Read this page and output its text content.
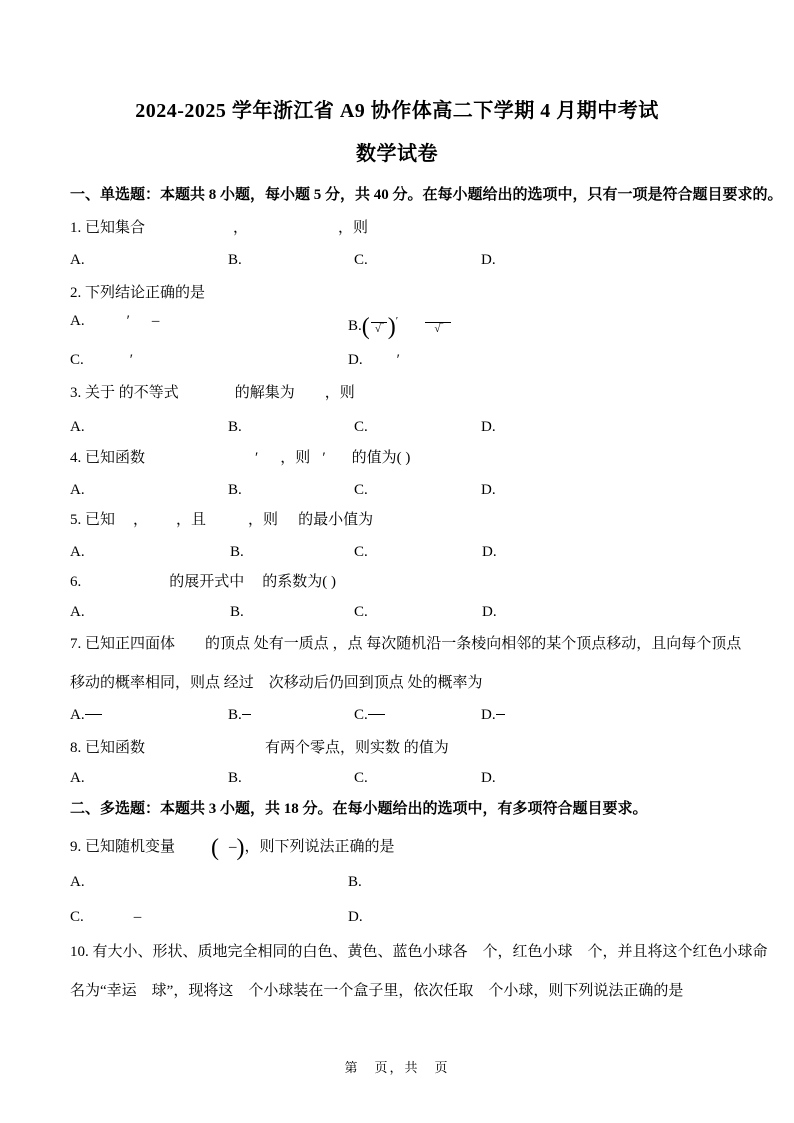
2024-2025 学年浙江省 A9 协作体高二下学期 4 月期中考试
数学试卷
一、单选题：本题共 8 小题，每小题 5 分，共 40 分。在每小题给出的选项中，只有一项是符合题目要求的。
1. 已知集合	，	，则
A.	B.	C.	D.
2. 下列结论正确的是
A.	′ –	B.( √‾ )′
√‾
C.	′	D. ′
3. 关于 的不等式	的解集为 ，则
A.	B.	C.	D.
4. 已知函数	′ ，则 ′ 的值为( )
A.	B.	C.	D.
5. 已知 ， ，且	，则 的最小值为
A.	B.	C.	D.
6.	的展开式中 的系数为( )
A.	B.	C.	D.
7. 已知正四面体 的顶点 处有一质点 ，点 每次随机沿一条棱向相邻的某个顶点移动，且向每个顶点
移动的概率相同，则点 经过　次移动后仍回到顶点 处的概率为
A.	B.	C.	D.
8. 已知函数	有两个零点，则实数 的值为
A.	B.	C.	D.
二、多选题：本题共 3 小题，共 18 分。在每小题给出的选项中，有多项符合题目要求。
9. 已知随机变量 ( –)，则下列说法正确的是
A.	B.
C.	–	D.
10. 有大小、形状、质地完全相同的白色、黄色、蓝色小球各　个，红色小球　个，并且将这个红色小球命
名为“幸运　球”，现将这　个小球装在一个盒子里，依次任取　个小球，则下列说法正确的是
第　页，共　页
